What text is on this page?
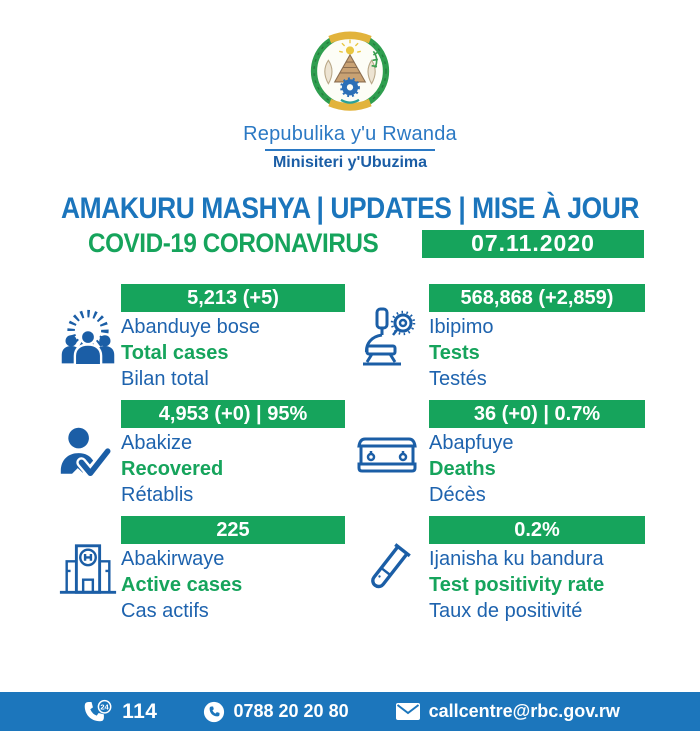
Repubulika y'u Rwanda
Minisiteri y'Ubuzima
AMAKURU MASHYA | UPDATES | MISE À JOUR
COVID-19 CORONAVIRUS	07.11.2020
5,213 (+5)
Abanduye bose
Total cases
Bilan total
568,868 (+2,859)
Ibipimo
Tests
Testés
4,953 (+0) | 95%
Abakize
Recovered
Rétablis
36 (+0) | 0.7%
Abapfuye
Deaths
Décès
225
Abakirwaye
Active cases
Cas actifs
0.2%
Ijanisha ku bandura
Test positivity rate
Taux de positivité
24 114	0788 20 20 80	callcentre@rbc.gov.rw
